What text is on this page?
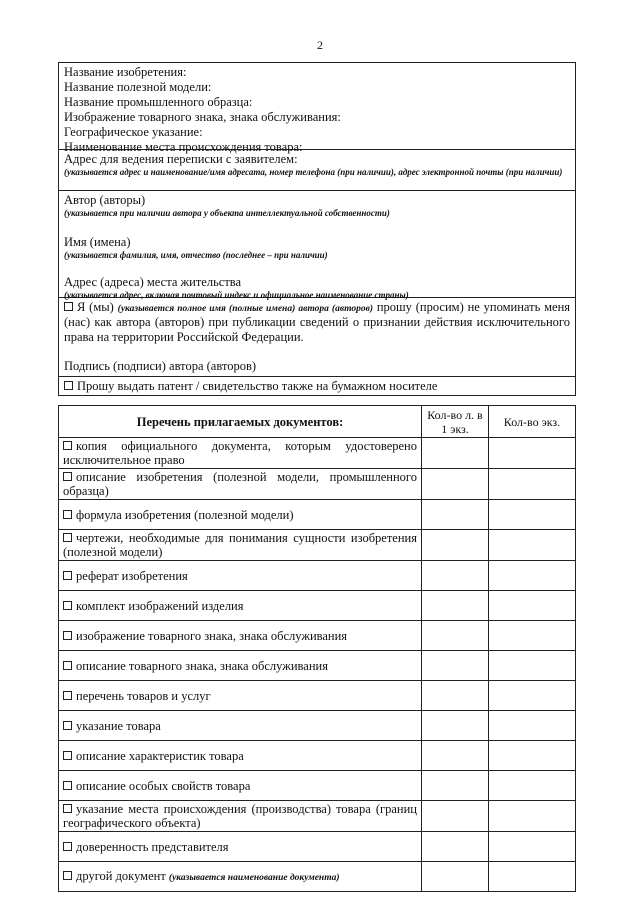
2
Название изобретения:
Название полезной модели:
Название промышленного образца:
Изображение товарного знака, знака обслуживания:
Географическое указание:
Наименование места происхождения товара:
Адрес для ведения переписки с заявителем:
(указывается адрес и наименование/имя адресата, номер телефона (при наличии), адрес электронной почты (при наличии)
Автор (авторы)
(указывается при наличии автора у объекта интеллектуальной собственности)
Имя (имена)
(указывается фамилия, имя, отчество (последнее – при наличии)
Адрес (адреса) места жительства
(указывается адрес, включая почтовый индекс и официальное наименование страны)
Я (мы) (указывается полное имя (полные имена) автора (авторов) прошу (просим) не упоминать меня (нас) как автора (авторов) при публикации сведений о признании действия исключительного права на территории Российской Федерации.
Подпись (подписи) автора (авторов)
Прошу выдать патент / свидетельство также на бумажном носителе
Перечень прилагаемых документов:	Кол-во л. в 1 экз.	Кол-во экз.
копия официального документа, которым удостоверено исключительное право		
описание изобретения (полезной модели, промышленного образца)		
формула изобретения (полезной модели)		
чертежи, необходимые для понимания сущности изобретения (полезной модели)		
реферат изобретения		
комплект изображений изделия		
изображение товарного знака, знака обслуживания		
описание товарного знака, знака обслуживания		
перечень товаров и услуг		
указание товара		
описание характеристик товара		
описание особых свойств товара		
указание места происхождения (производства) товара (границ географического объекта)		
доверенность представителя		
другой документ (указывается наименование документа)		
